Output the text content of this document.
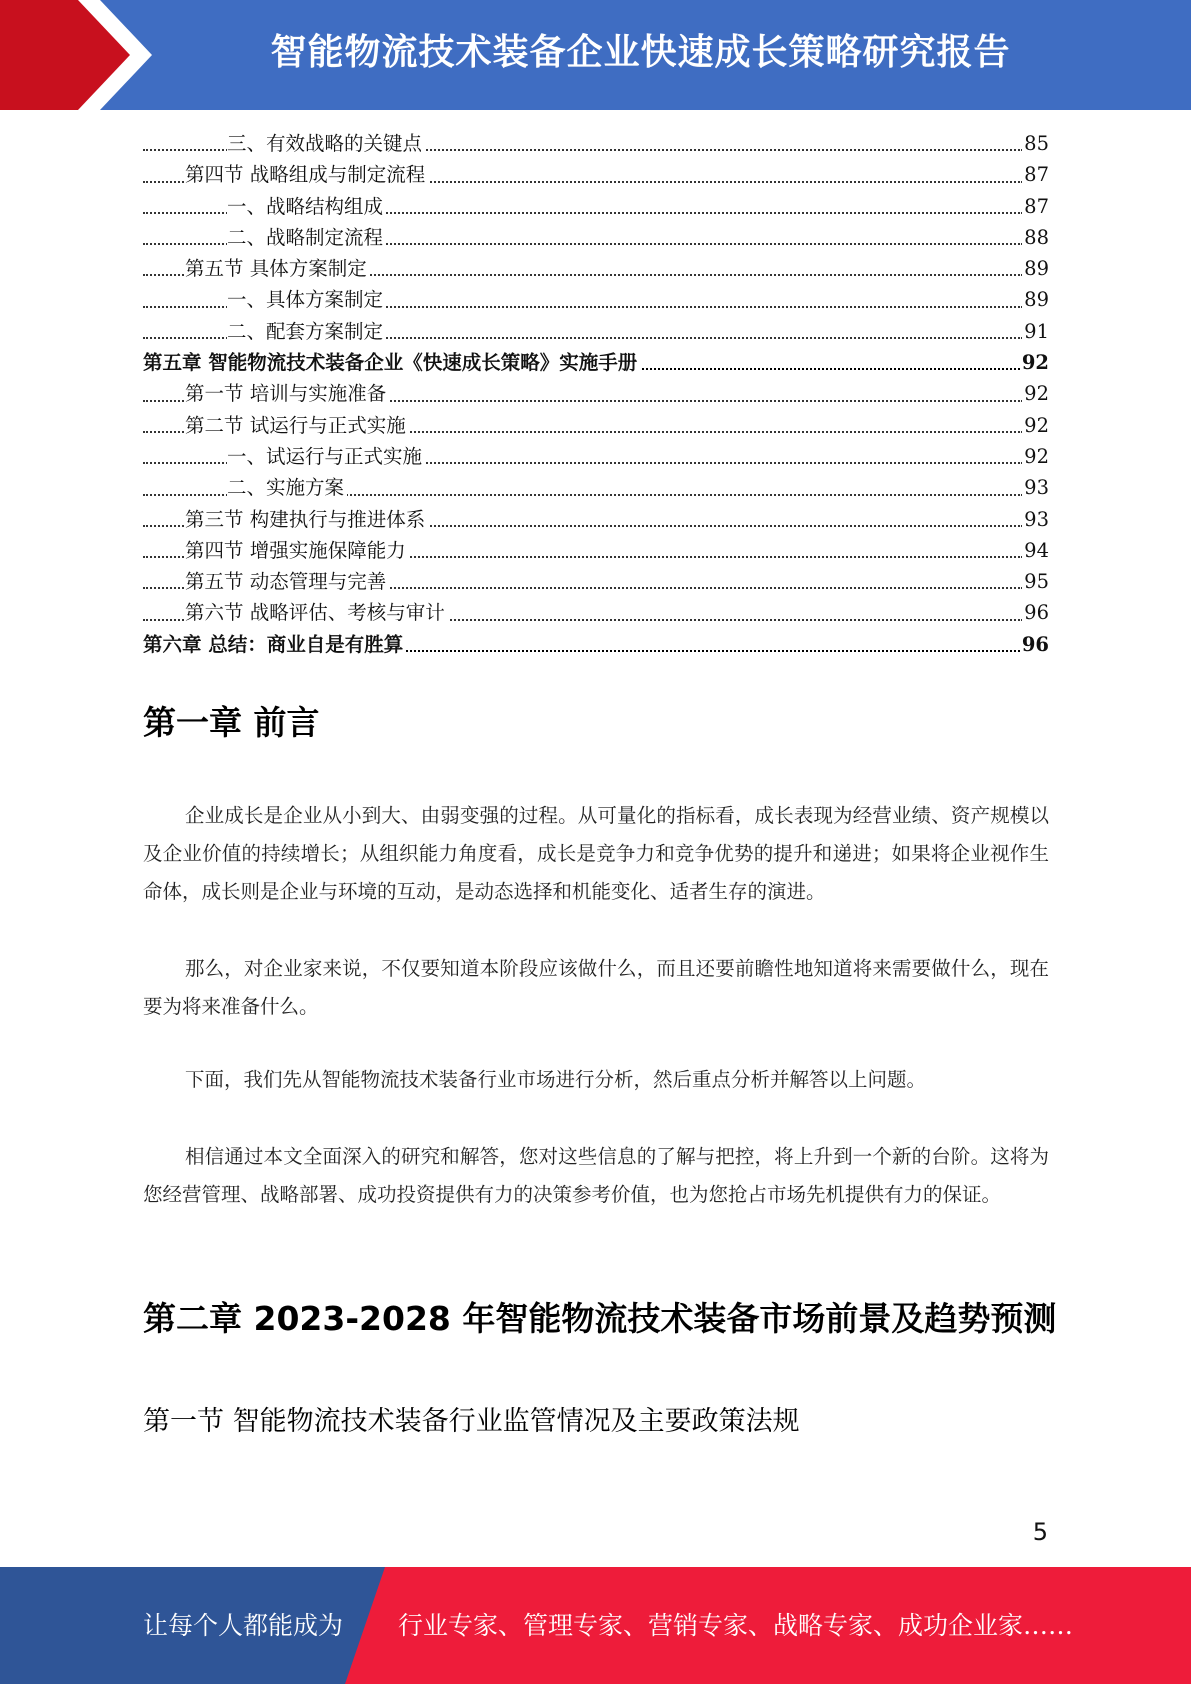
智能物流技术装备企业快速成长策略研究报告
三、有效战略的关键点	85
第四节 战略组成与制定流程	87
一、战略结构组成	87
二、战略制定流程	88
第五节 具体方案制定	89
一、具体方案制定	89
二、配套方案制定	91
第五章 智能物流技术装备企业《快速成长策略》实施手册	92
第一节 培训与实施准备	92
第二节 试运行与正式实施	92
一、试运行与正式实施	92
二、实施方案	93
第三节 构建执行与推进体系	93
第四节 增强实施保障能力	94
第五节 动态管理与完善	95
第六节 战略评估、考核与审计	96
第六章 总结：商业自是有胜算	96
第一章 前言

企业成长是企业从小到大、由弱变强的过程。从可量化的指标看，成长表现为经营业绩、资产规模以及企业价值的持续增长；从组织能力角度看，成长是竞争力和竞争优势的提升和递进；如果将企业视作生命体，成长则是企业与环境的互动，是动态选择和机能变化、适者生存的演进。

那么，对企业家来说，不仅要知道本阶段应该做什么，而且还要前瞻性地知道将来需要做什么，现在要为将来准备什么。

下面，我们先从智能物流技术装备行业市场进行分析，然后重点分析并解答以上问题。

相信通过本文全面深入的研究和解答，您对这些信息的了解与把控，将上升到一个新的台阶。这将为您经营管理、战略部署、成功投资提供有力的决策参考价值，也为您抢占市场先机提供有力的保证。

第二章 2023-2028 年智能物流技术装备市场前景及趋势预测
第一节 智能物流技术装备行业监管情况及主要政策法规
5
让每个人都能成为 行业专家、管理专家、营销专家、战略专家、成功企业家……
